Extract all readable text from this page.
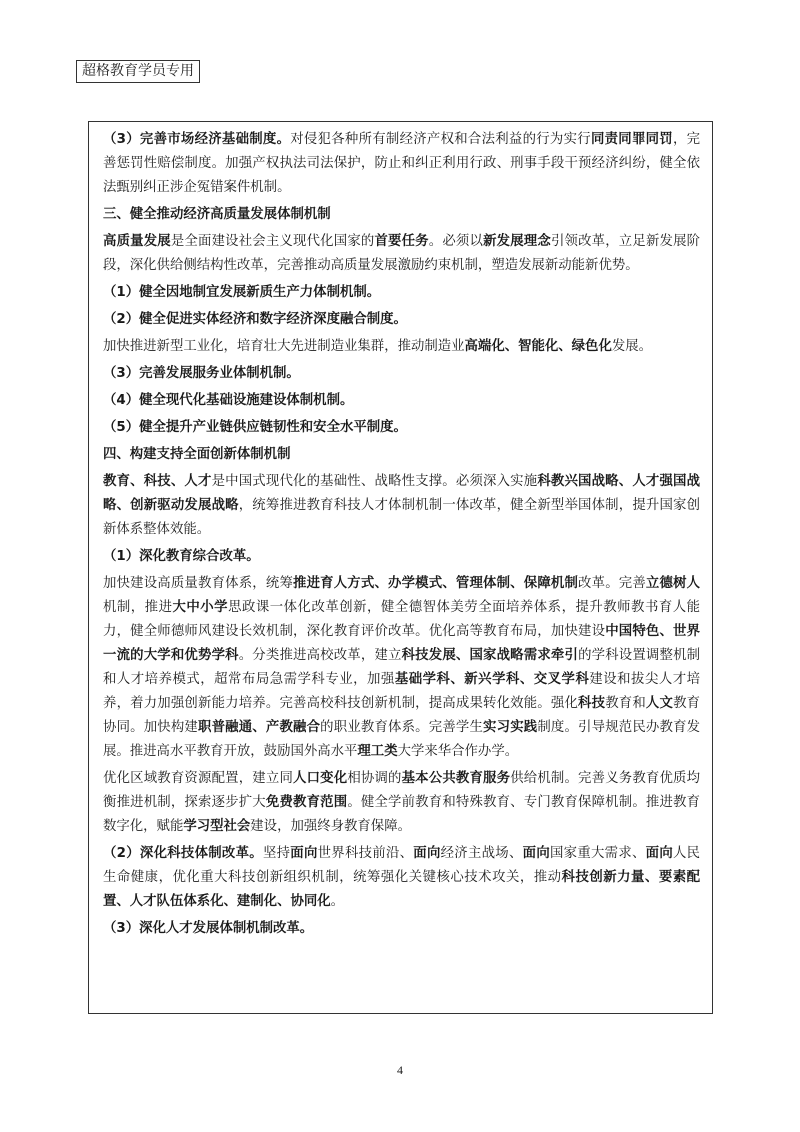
超格教育学员专用

（3）完善市场经济基础制度。对侵犯各种所有制经济产权和合法利益的行为实行同责同罪同罚，完善惩罚性赔偿制度。加强产权执法司法保护，防止和纠正利用行政、刑事手段干预经济纠纷，健全依法甄别纠正涉企冤错案件机制。

三、健全推动经济高质量发展体制机制

高质量发展是全面建设社会主义现代化国家的首要任务。必须以新发展理念引领改革，立足新发展阶段，深化供给侧结构性改革，完善推动高质量发展激励约束机制，塑造发展新动能新优势。

（1）健全因地制宜发展新质生产力体制机制。

（2）健全促进实体经济和数字经济深度融合制度。

加快推进新型工业化，培育壮大先进制造业集群，推动制造业高端化、智能化、绿色化发展。

（3）完善发展服务业体制机制。

（4）健全现代化基础设施建设体制机制。

（5）健全提升产业链供应链韧性和安全水平制度。

四、构建支持全面创新体制机制

教育、科技、人才是中国式现代化的基础性、战略性支撑。必须深入实施科教兴国战略、人才强国战略、创新驱动发展战略，统筹推进教育科技人才体制机制一体改革，健全新型举国体制，提升国家创新体系整体效能。

（1）深化教育综合改革。

加快建设高质量教育体系，统筹推进育人方式、办学模式、管理体制、保障机制改革。完善立德树人机制，推进大中小学思政课一体化改革创新，健全德智体美劳全面培养体系，提升教师教书育人能力，健全师德师风建设长效机制，深化教育评价改革。优化高等教育布局，加快建设中国特色、世界一流的大学和优势学科。分类推进高校改革，建立科技发展、国家战略需求牵引的学科设置调整机制和人才培养模式，超常布局急需学科专业，加强基础学科、新兴学科、交叉学科建设和拔尖人才培养，着力加强创新能力培养。完善高校科技创新机制，提高成果转化效能。强化科技教育和人文教育协同。加快构建职普融通、产教融合的职业教育体系。完善学生实习实践制度。引导规范民办教育发展。推进高水平教育开放，鼓励国外高水平理工类大学来华合作办学。

优化区域教育资源配置，建立同人口变化相协调的基本公共教育服务供给机制。完善义务教育优质均衡推进机制，探索逐步扩大免费教育范围。健全学前教育和特殊教育、专门教育保障机制。推进教育数字化，赋能学习型社会建设，加强终身教育保障。

（2）深化科技体制改革。坚持面向世界科技前沿、面向经济主战场、面向国家重大需求、面向人民生命健康，优化重大科技创新组织机制，统筹强化关键核心技术攻关，推动科技创新力量、要素配置、人才队伍体系化、建制化、协同化。

（3）深化人才发展体制机制改革。

4
